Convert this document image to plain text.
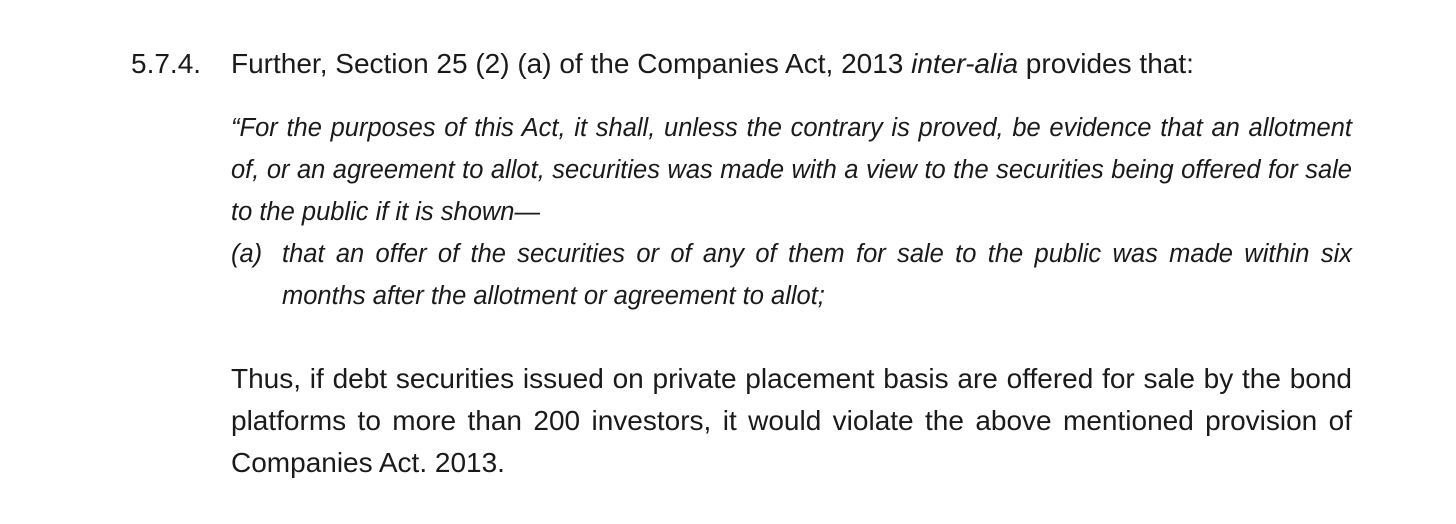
5.7.4. Further, Section 25 (2) (a) of the Companies Act, 2013 inter-alia provides that:

“For the purposes of this Act, it shall, unless the contrary is proved, be evidence that an allotment of, or an agreement to allot, securities was made with a view to the securities being offered for sale to the public if it is shown—

(a) that an offer of the securities or of any of them for sale to the public was made within six months after the allotment or agreement to allot;

Thus, if debt securities issued on private placement basis are offered for sale by the bond platforms to more than 200 investors, it would violate the above mentioned provision of Companies Act. 2013.
